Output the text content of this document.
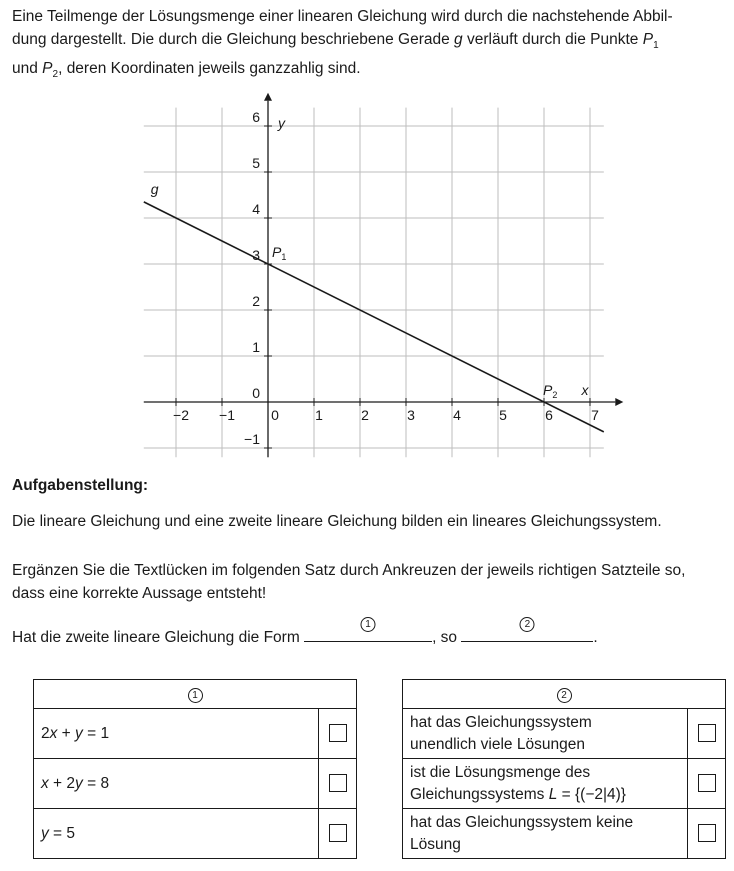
Eine Teilmenge der Lösungsmenge einer linearen Gleichung wird durch die nachstehende Abbil-
dung dargestellt. Die durch die Gleichung beschriebene Gerade g verläuft durch die Punkte $P_1$
und $P_2$, deren Koordinaten jeweils ganzzahlig sind.
−2 −1	0	1	2	3	4	5	6	7
−1
0
1
2
3
4
5
6
x
y
g
$P_1$
$P_2$
Aufgabenstellung:
Die lineare Gleichung und eine zweite lineare Gleichung bilden ein lineares Gleichungssystem.
Ergänzen Sie die Textlücken im folgenden Satz durch Ankreuzen der jeweils richtigen Satzteile so,
dass eine korrekte Aussage entsteht!
Hat die zweite lineare Gleichung die Form
1
, so
2
.
1	
2x + y = 1	
x + 2y = 8	
y = 5	
2	
hat das Gleichungssystem
unendlich viele Lösungen	
ist die Lösungsmenge des
Gleichungssystems L = {(−2|4)}	
hat das Gleichungssystem keine
Lösung	
